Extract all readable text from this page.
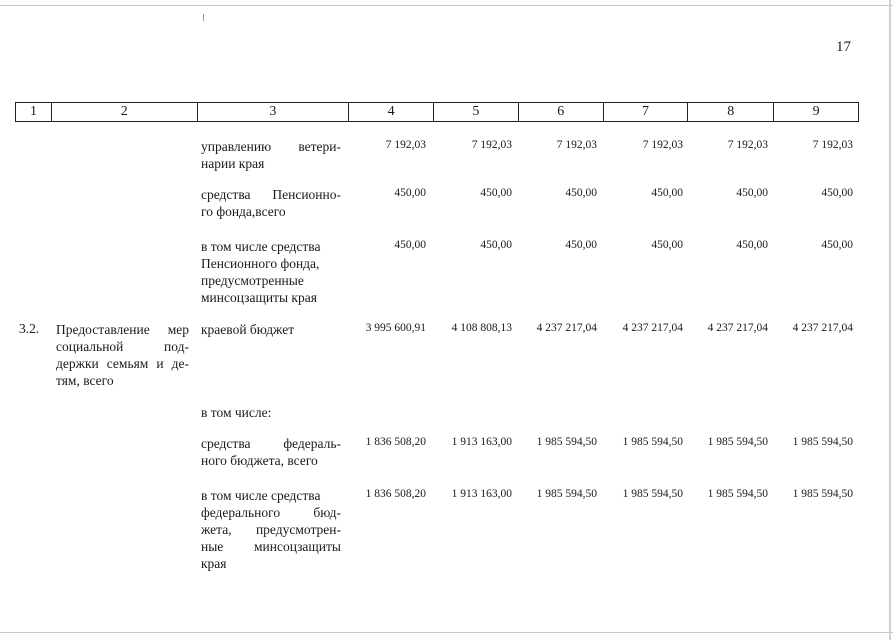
17
1	2	3	4	5	6	7	8	9
управлению ветери-
нарии края
7 192,03	7 192,03	7 192,03	7 192,03	7 192,03	7 192,03
средства Пенсионно-
го фонда,всего
450,00	450,00	450,00	450,00	450,00	450,00
в том числе средства
Пенсионного фонда,
предусмотренные
минсоцзащиты края
450,00	450,00	450,00	450,00	450,00	450,00
3.2. Предоставление мер
социальной под-
держки семьям и де-
тям, всего
краевой бюджет	3 995 600,91	4 108 808,13	4 237 217,04	4 237 217,04	4 237 217,04	4 237 217,04
в том числе:
средства федераль-
ного бюджета, всего
1 836 508,20	1 913 163,00	1 985 594,50	1 985 594,50	1 985 594,50	1 985 594,50
в том числе средства
федерального бюд-
жета, предусмотрен-
ные минсоцзащиты
края
1 836 508,20	1 913 163,00	1 985 594,50	1 985 594,50	1 985 594,50	1 985 594,50
